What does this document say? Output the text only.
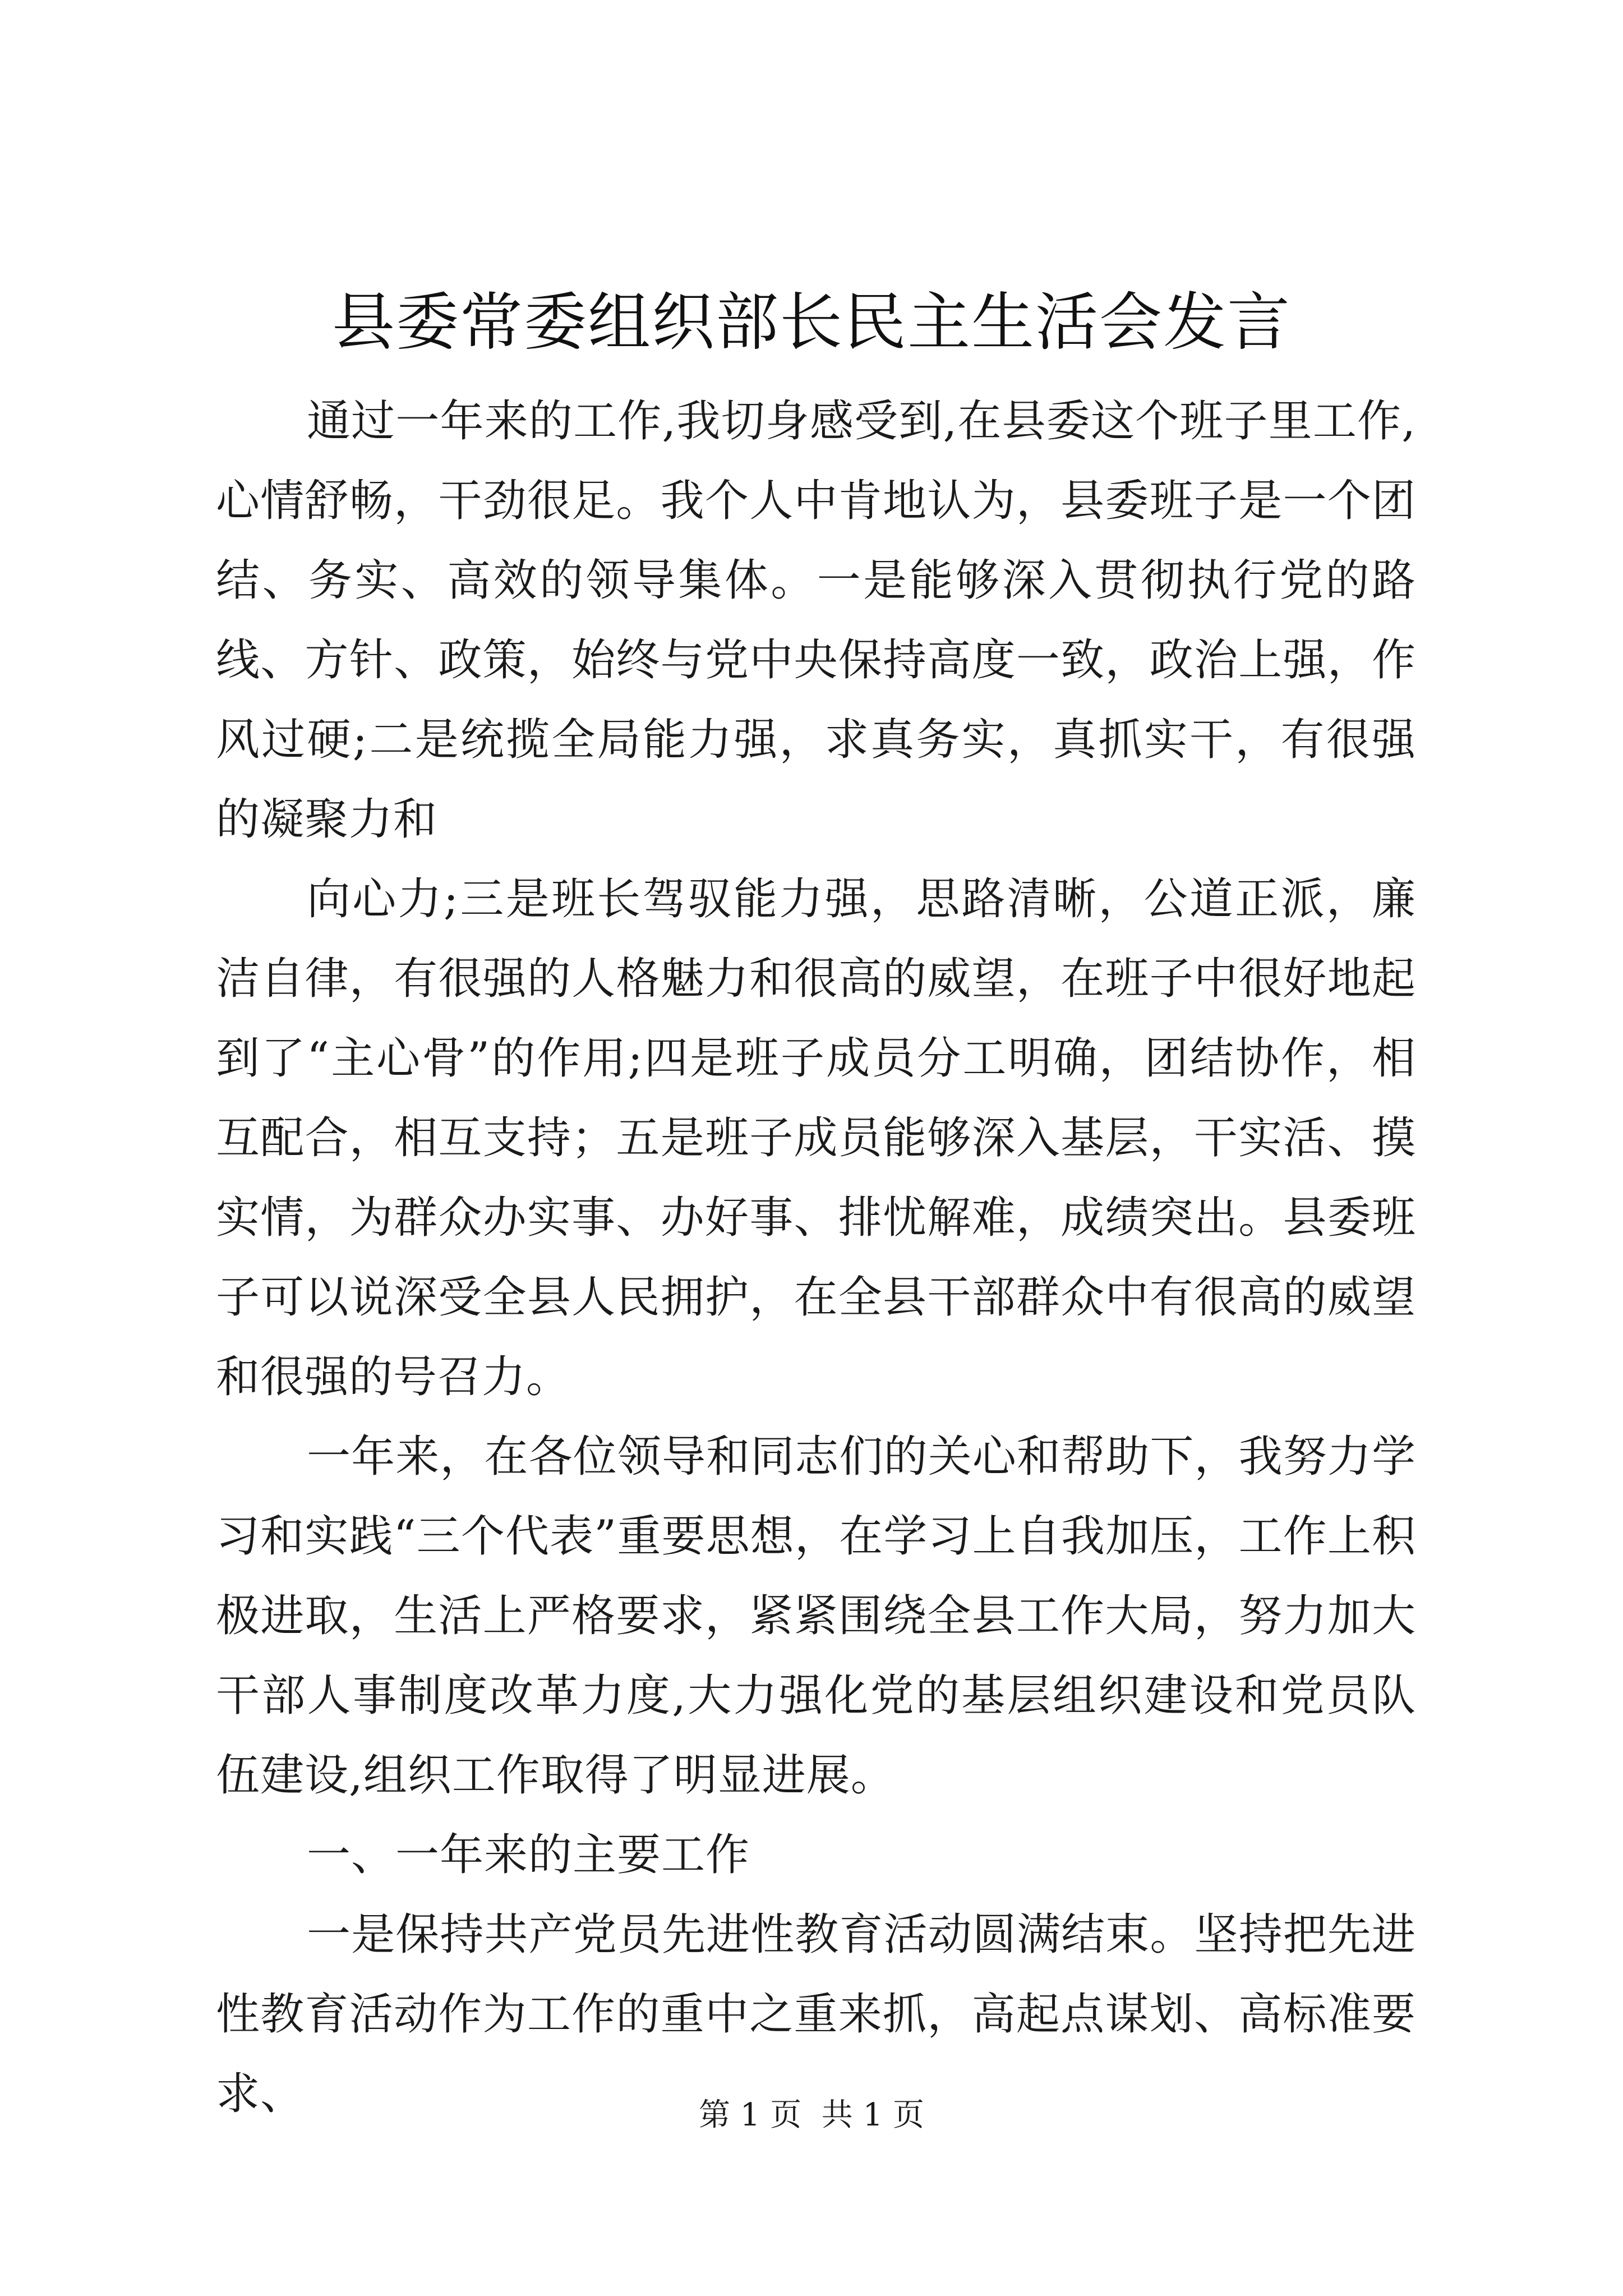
县委常委组织部长民主生活会发言

通过一年来的工作,我切身感受到,在县委这个班子里工作,心情舒畅，干劲很足。我个人中肯地认为，县委班子是一个团结、务实、高效的领导集体。一是能够深入贯彻执行党的路线、方针、政策，始终与党中央保持高度一致，政治上强，作风过硬;二是统揽全局能力强，求真务实，真抓实干，有很强的凝聚力和

向心力;三是班长驾驭能力强，思路清晰，公道正派，廉洁自律，有很强的人格魅力和很高的威望，在班子中很好地起到了“主心骨”的作用;四是班子成员分工明确，团结协作，相互配合，相互支持；五是班子成员能够深入基层，干实活、摸实情，为群众办实事、办好事、排忧解难，成绩突出。县委班子可以说深受全县人民拥护，在全县干部群众中有很高的威望和很强的号召力。

一年来，在各位领导和同志们的关心和帮助下，我努力学习和实践“三个代表”重要思想，在学习上自我加压，工作上积极进取，生活上严格要求，紧紧围绕全县工作大局，努力加大干部人事制度改革力度,大力强化党的基层组织建设和党员队伍建设,组织工作取得了明显进展。

一、一年来的主要工作

一是保持共产党员先进性教育活动圆满结束。坚持把先进性教育活动作为工作的重中之重来抓，高起点谋划、高标准要求、	第 1 页  共 1 页
